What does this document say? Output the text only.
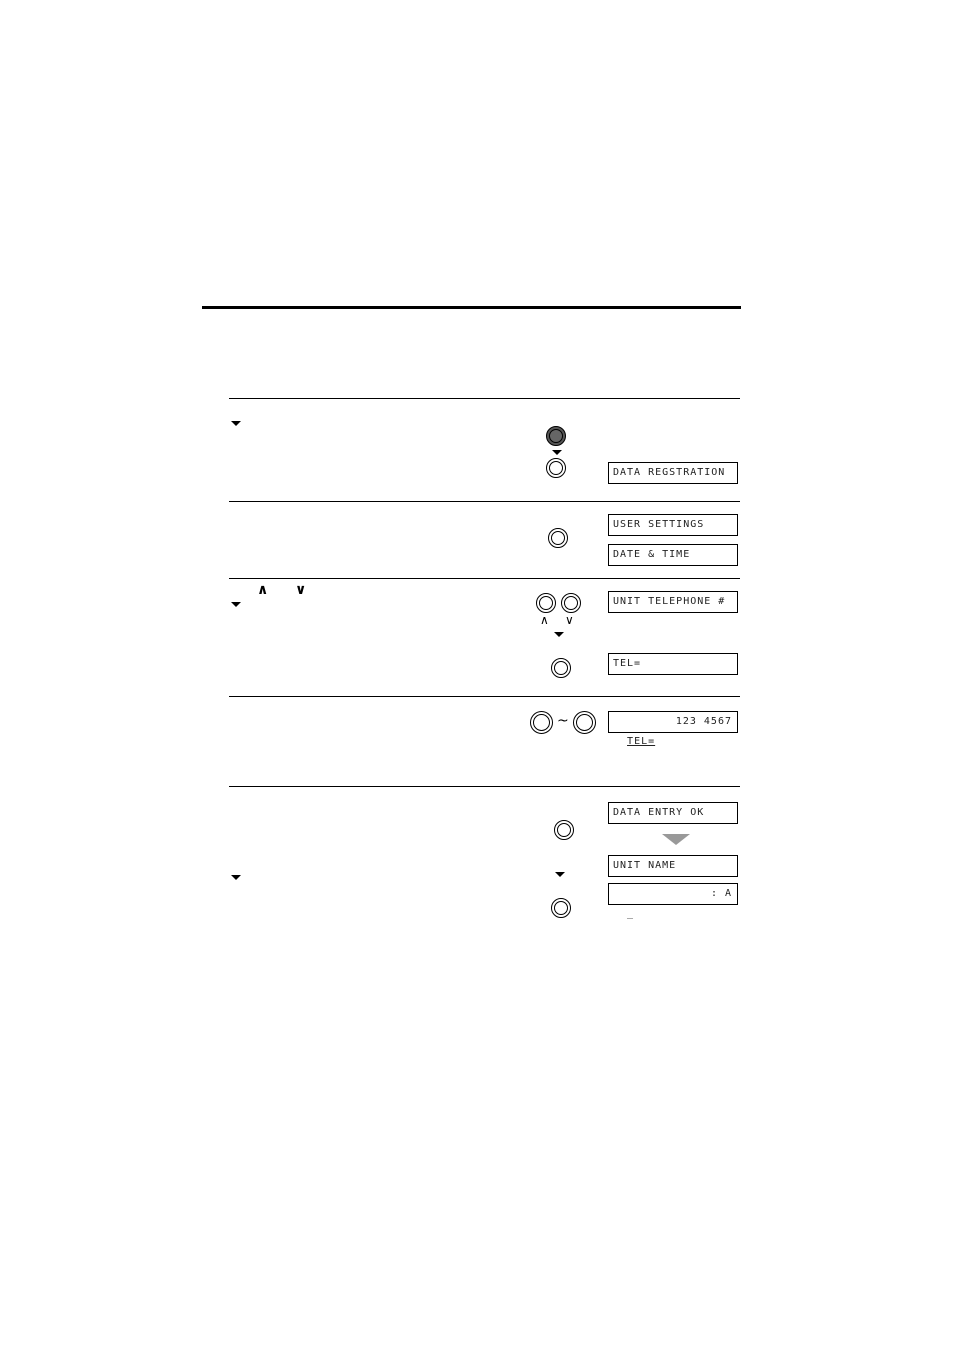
DATA REGSTRATION
USER SETTINGS
DATE & TIME
∧ ∨
∧ ∨
UNIT TELEPHONE #
TEL=
~

TEL=

123 4567

DATA ENTRY OK
UNIT NAME

_

: A
